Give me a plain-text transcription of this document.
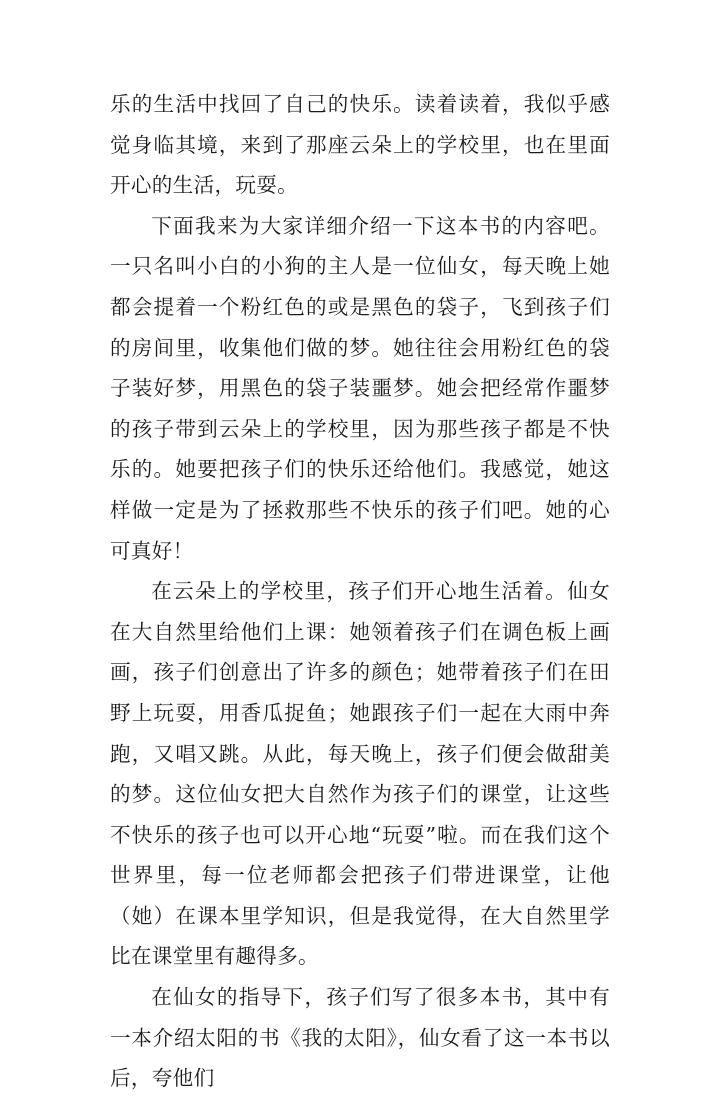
乐的生活中找回了自己的快乐。读着读着，我似乎感觉身临其境，来到了那座云朵上的学校里，也在里面开心的生活，玩耍。

下面我来为大家详细介绍一下这本书的内容吧。一只名叫小白的小狗的主人是一位仙女，每天晚上她都会提着一个粉红色的或是黑色的袋子，飞到孩子们的房间里，收集他们做的梦。她往往会用粉红色的袋子装好梦，用黑色的袋子装噩梦。她会把经常作噩梦的孩子带到云朵上的学校里，因为那些孩子都是不快乐的。她要把孩子们的快乐还给他们。我感觉，她这样做一定是为了拯救那些不快乐的孩子们吧。她的心可真好！

在云朵上的学校里，孩子们开心地生活着。仙女在大自然里给他们上课：她领着孩子们在调色板上画画，孩子们创意出了许多的颜色；她带着孩子们在田野上玩耍，用香瓜捉鱼；她跟孩子们一起在大雨中奔跑，又唱又跳。从此，每天晚上，孩子们便会做甜美的梦。这位仙女把大自然作为孩子们的课堂，让这些不快乐的孩子也可以开心地“玩耍”啦。而在我们这个世界里，每一位老师都会把孩子们带进课堂，让他（她）在课本里学知识，但是我觉得，在大自然里学比在课堂里有趣得多。

在仙女的指导下，孩子们写了很多本书，其中有一本介绍太阳的书《我的太阳》，仙女看了这一本书以后，夸他们
